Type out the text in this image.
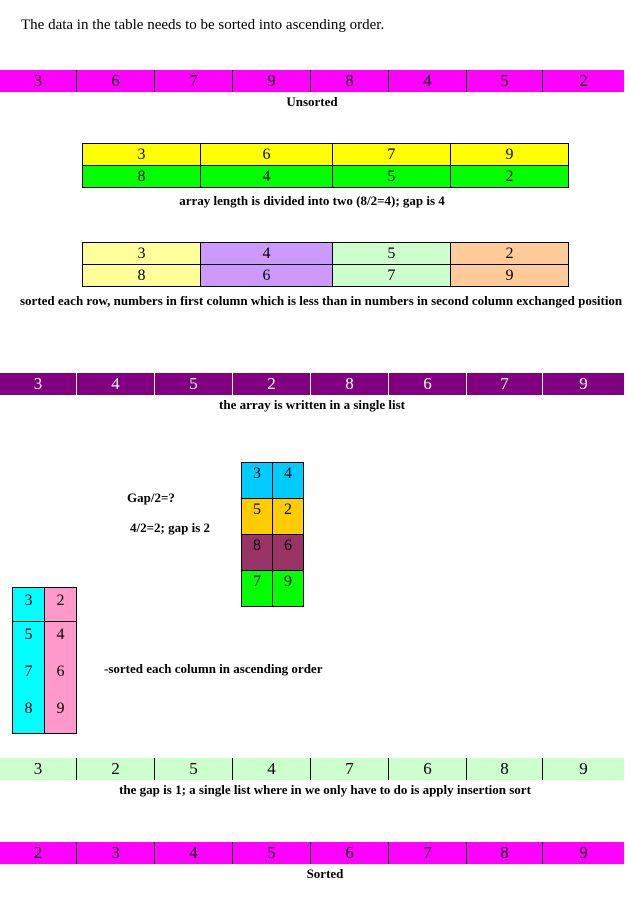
The data in the table needs to be sorted into ascending order.
3	6	7	9	8	4	5	2
Unsorted
3	6	7	9
8	4	5	2
array length is divided into two (8/2=4); gap is 4
3	4	5	2
8	6	7	9
sorted each row, numbers in first column which is less than in numbers in second column exchanged position
3	4	5	2	8	6	7	9
the array is written in a single list
Gap/2=?
4/2=2; gap is 2
3	4
5	2
8	6
7	9
3	2
5	4
7	6
8	9
-sorted each column in ascending order
3	2	5	4	7	6	8	9
the gap is 1; a single list where in we only have to do is apply insertion sort
2	3	4	5	6	7	8	9
Sorted
